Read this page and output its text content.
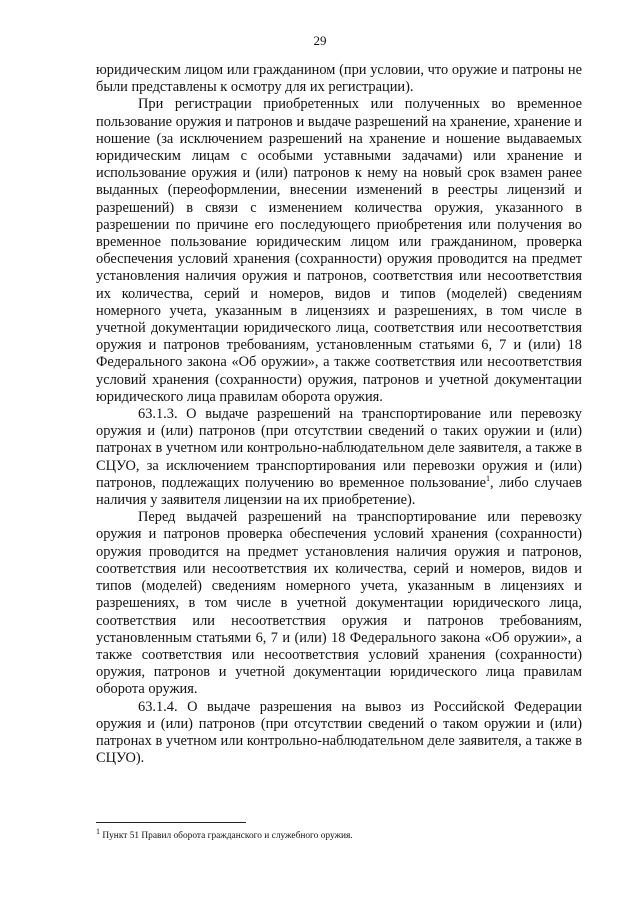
29

юридическим лицом или гражданином (при условии, что оружие и патроны не были представлены к осмотру для их регистрации).

При регистрации приобретенных или полученных во временное пользование оружия и патронов и выдаче разрешений на хранение, хранение и ношение (за исключением разрешений на хранение и ношение выдаваемых юридическим лицам с особыми уставными задачами) или хранение и использование оружия и (или) патронов к нему на новый срок взамен ранее выданных (переоформлении, внесении изменений в реестры лицензий и разрешений) в связи с изменением количества оружия, указанного в разрешении по причине его последующего приобретения или получения во временное пользование юридическим лицом или гражданином, проверка обеспечения условий хранения (сохранности) оружия проводится на предмет установления наличия оружия и патронов, соответствия или несоответствия их количества, серий и номеров, видов и типов (моделей) сведениям номерного учета, указанным в лицензиях и разрешениях, в том числе в учетной документации юридического лица, соответствия или несоответствия оружия и патронов требованиям, установленным статьями 6, 7 и (или) 18 Федерального закона «Об оружии», а также соответствия или несоответствия условий хранения (сохранности) оружия, патронов и учетной документации юридического лица правилам оборота оружия.

63.1.3. О выдаче разрешений на транспортирование или перевозку оружия и (или) патронов (при отсутствии сведений о таких оружии и (или) патронах в учетном или контрольно-наблюдательном деле заявителя, а также в СЦУО, за исключением транспортирования или перевозки оружия и (или) патронов, подлежащих получению во временное пользование$^1$, либо случаев наличия у заявителя лицензии на их приобретение).

Перед выдачей разрешений на транспортирование или перевозку оружия и патронов проверка обеспечения условий хранения (сохранности) оружия проводится на предмет установления наличия оружия и патронов, соответствия или несоответствия их количества, серий и номеров, видов и типов (моделей) сведениям номерного учета, указанным в лицензиях и разрешениях, в том числе в учетной документации юридического лица, соответствия или несоответствия оружия и патронов требованиям, установленным статьями 6, 7 и (или) 18 Федерального закона «Об оружии», а также соответствия или несоответствия условий хранения (сохранности) оружия, патронов и учетной документации юридического лица правилам оборота оружия.

63.1.4. О выдаче разрешения на вывоз из Российской Федерации оружия и (или) патронов (при отсутствии сведений о таком оружии и (или) патронах в учетном или контрольно-наблюдательном деле заявителя, а также в СЦУО).

$^1$ Пункт 51 Правил оборота гражданского и служебного оружия.
